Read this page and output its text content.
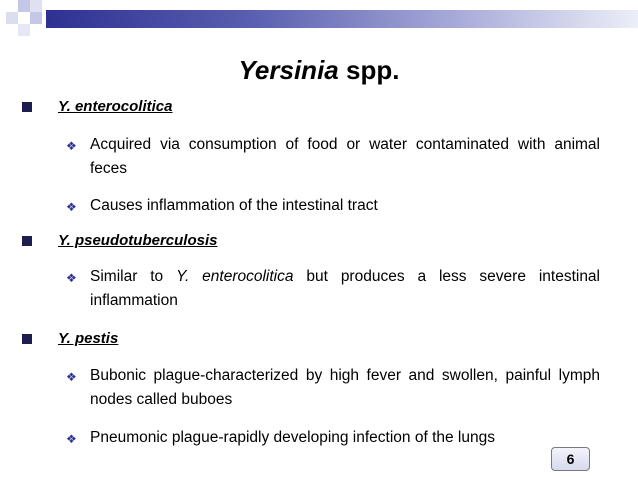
Yersinia spp.
Y. enterocolitica
❖ Acquired via consumption of food or water contaminated with animal feces
❖ Causes inflammation of the intestinal tract
Y. pseudotuberculosis
❖ Similar to Y. enterocolitica but produces a less severe intestinal inflammation
Y. pestis
❖ Bubonic plague-characterized by high fever and swollen, painful lymph nodes called buboes
❖ Pneumonic plague-rapidly developing infection of the lungs
6
